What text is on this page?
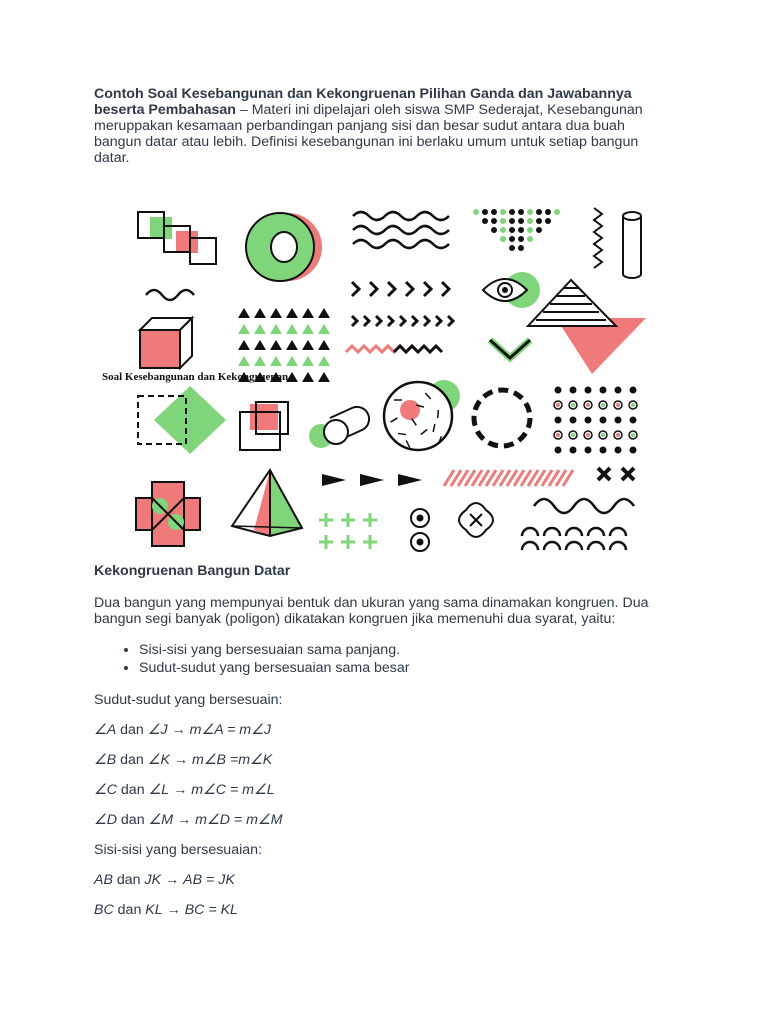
Contoh Soal Kesebangunan dan Kekongruenan Pilihan Ganda dan Jawabannya beserta Pembahasan – Materi ini dipelajari oleh siswa SMP Sederajat, Kesebangunan meruppakan kesamaan perbandingan panjang sisi dan besar sudut antara dua buah bangun datar atau lebih. Definisi kesebangunan ini berlaku umum untuk setiap bangun datar.

Soal Kesebangunan dan Kekongruenan
Kekongruenan Bangun Datar

Dua bangun yang mempunyai bentuk dan ukuran yang sama dinamakan kongruen. Dua bangun segi banyak (poligon) dikatakan kongruen jika memenuhi dua syarat, yaitu:

• Sisi-sisi yang bersesuaian sama panjang.
• Sudut-sudut yang bersesuaian sama besar

Sudut-sudut yang bersesuain:

∠A dan ∠J → m∠A = m∠J

∠B dan ∠K → m∠B =m∠K

∠C dan ∠L → m∠C = m∠L

∠D dan ∠M → m∠D = m∠M

Sisi-sisi yang bersesuaian:

AB dan JK → AB = JK

BC dan KL → BC = KL
